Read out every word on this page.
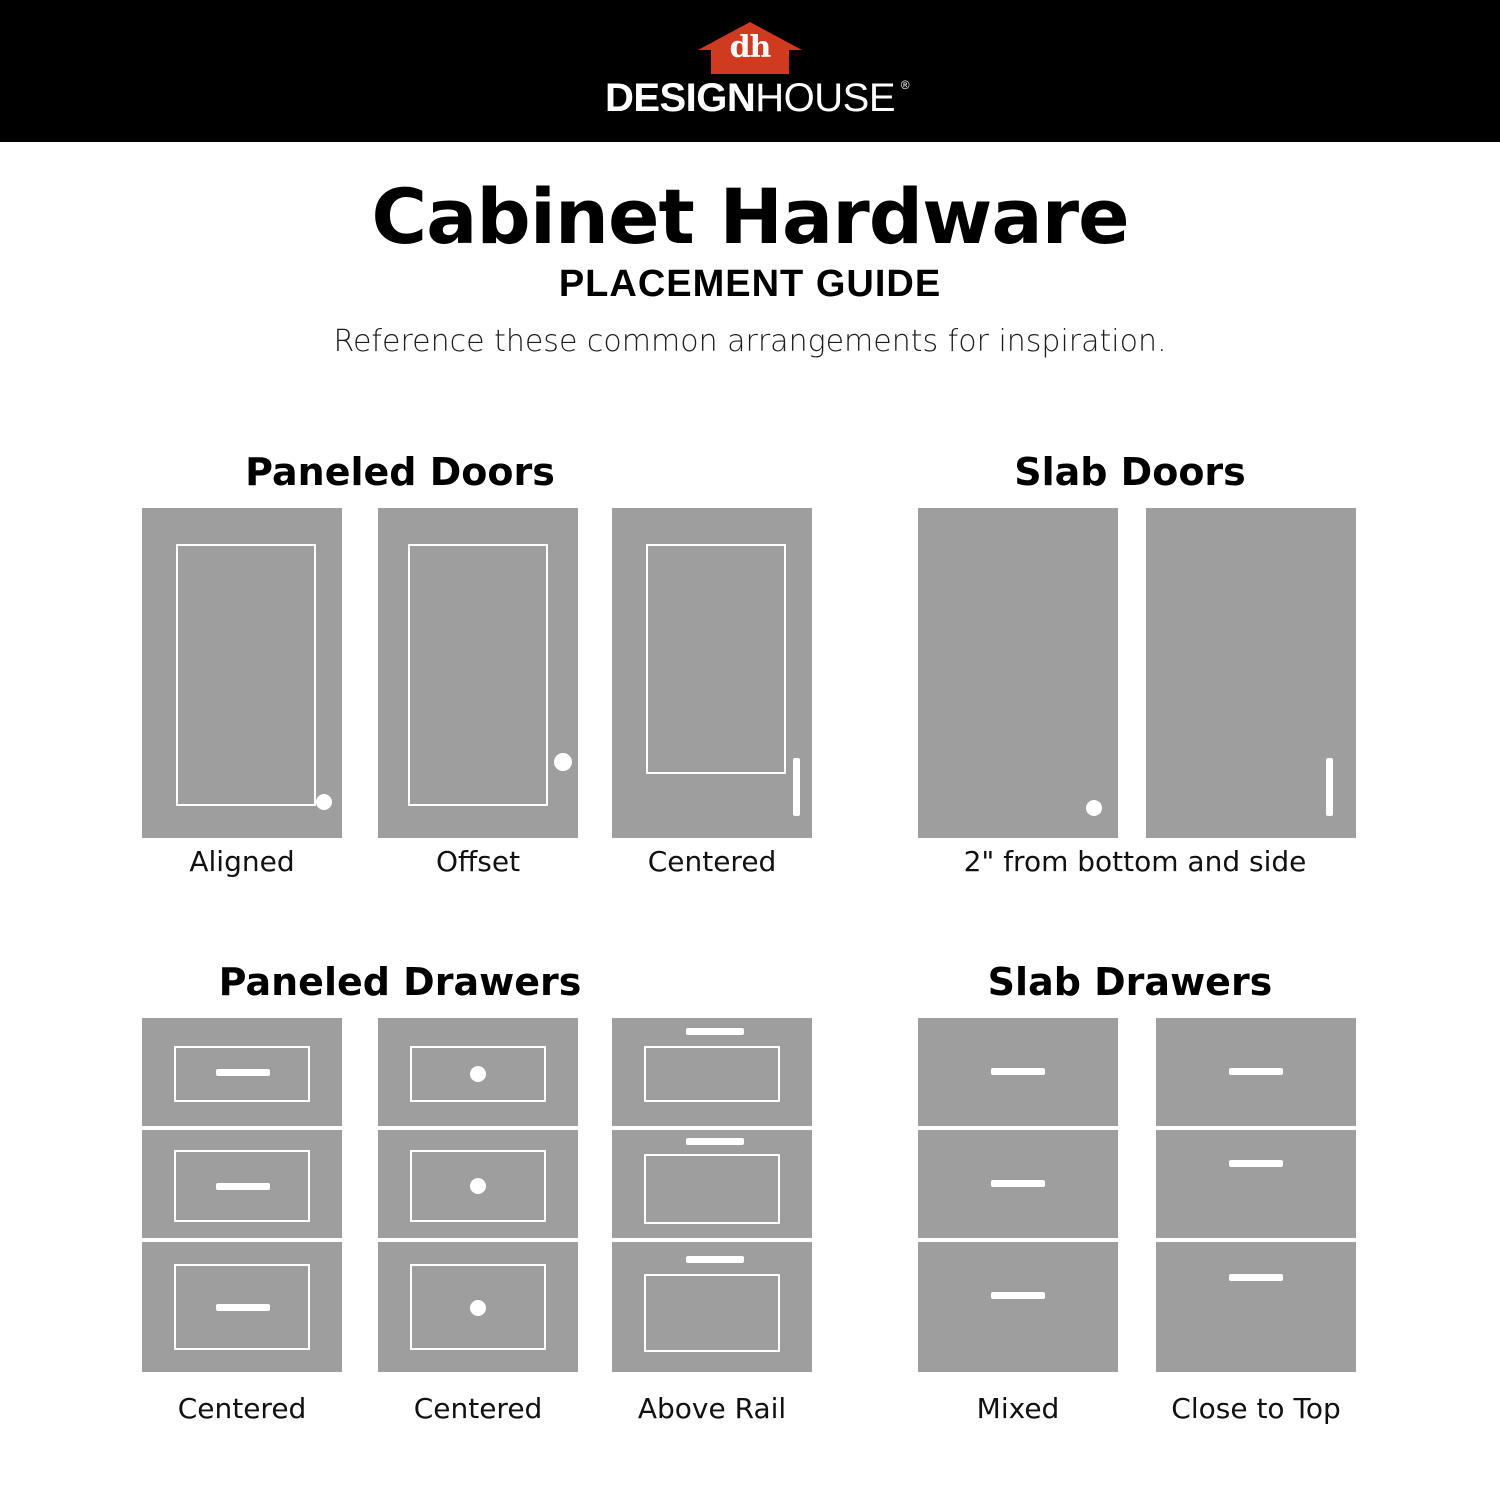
dh
DESIGNHOUSE ®
Cabinet Hardware
PLACEMENT GUIDE
Reference these common arrangements for inspiration.
Paneled Doors	Slab Doors
Paneled Drawers	Slab Drawers
Aligned	Offset	Centered	2" from bottom and side
Centered	Centered	Above Rail	Mixed	Close to Top
